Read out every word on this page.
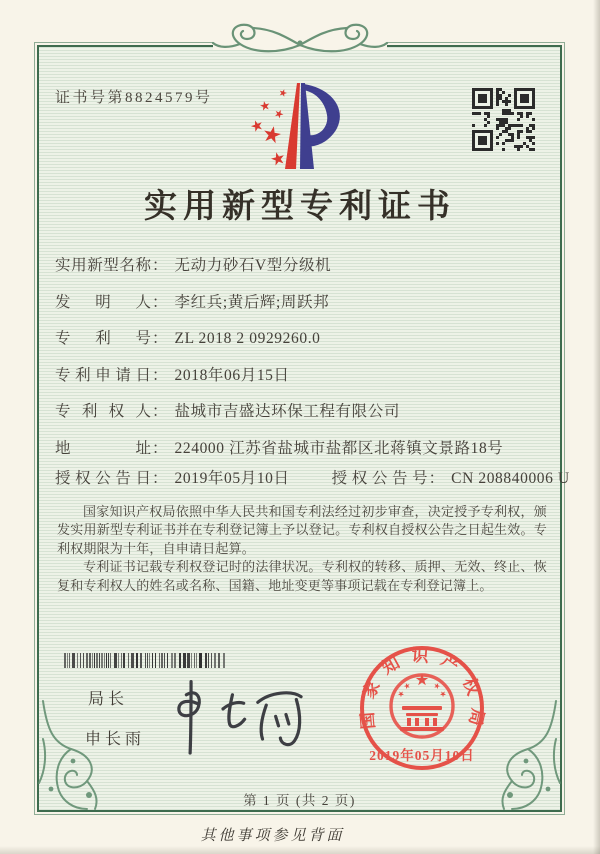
证书号第8824579号
实用新型专利证书
实用新型名称 ： 无动力砂石V型分级机
发明人 ： 李红兵;黄后辉;周跃邦
专利号 ： ZL 2018 2 0929260.0
专利申请日 ： 2018年06月15日
专利权人 ： 盐城市吉盛达环保工程有限公司
地址 ： 224000 江苏省盐城市盐都区北蒋镇文景路18号
授权公告日 ： 2019年05月10日	授权公告号 ： CN 208840006 U

国家知识产权局依照中华人民共和国专利法经过初步审查，决定授予专利权，颁发实用新型专利证书并在专利登记簿上予以登记。专利权自授权公告之日起生效。专利权期限为十年，自申请日起算。

专利证书记载专利权登记时的法律状况。专利权的转移、质押、无效、终止、恢复和专利权人的姓名或名称、国籍、地址变更等事项记载在专利登记簿上。

局长
申长雨
国家知识产权局
2019年05月10日
第 1 页 (共 2 页)
其他事项参见背面
